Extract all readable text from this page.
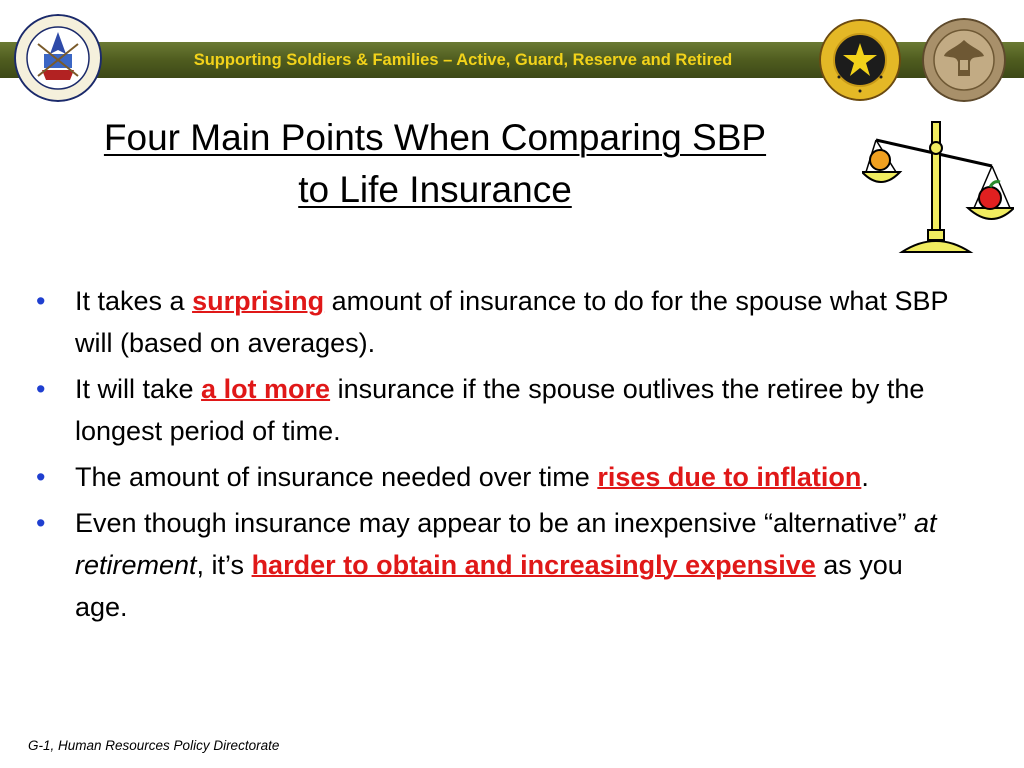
Supporting Soldiers & Families – Active, Guard, Reserve and Retired
Four Main Points When Comparing SBP
to Life Insurance
• It takes a surprising amount of insurance to do for the spouse what SBP will (based on averages).
• It will take a lot more insurance if the spouse outlives the retiree by the longest period of time.
• The amount of insurance needed over time rises due to inflation.
• Even though insurance may appear to be an inexpensive “alternative” at retirement, it’s harder to obtain and increasingly expensive as you age.
G-1, Human Resources Policy Directorate
